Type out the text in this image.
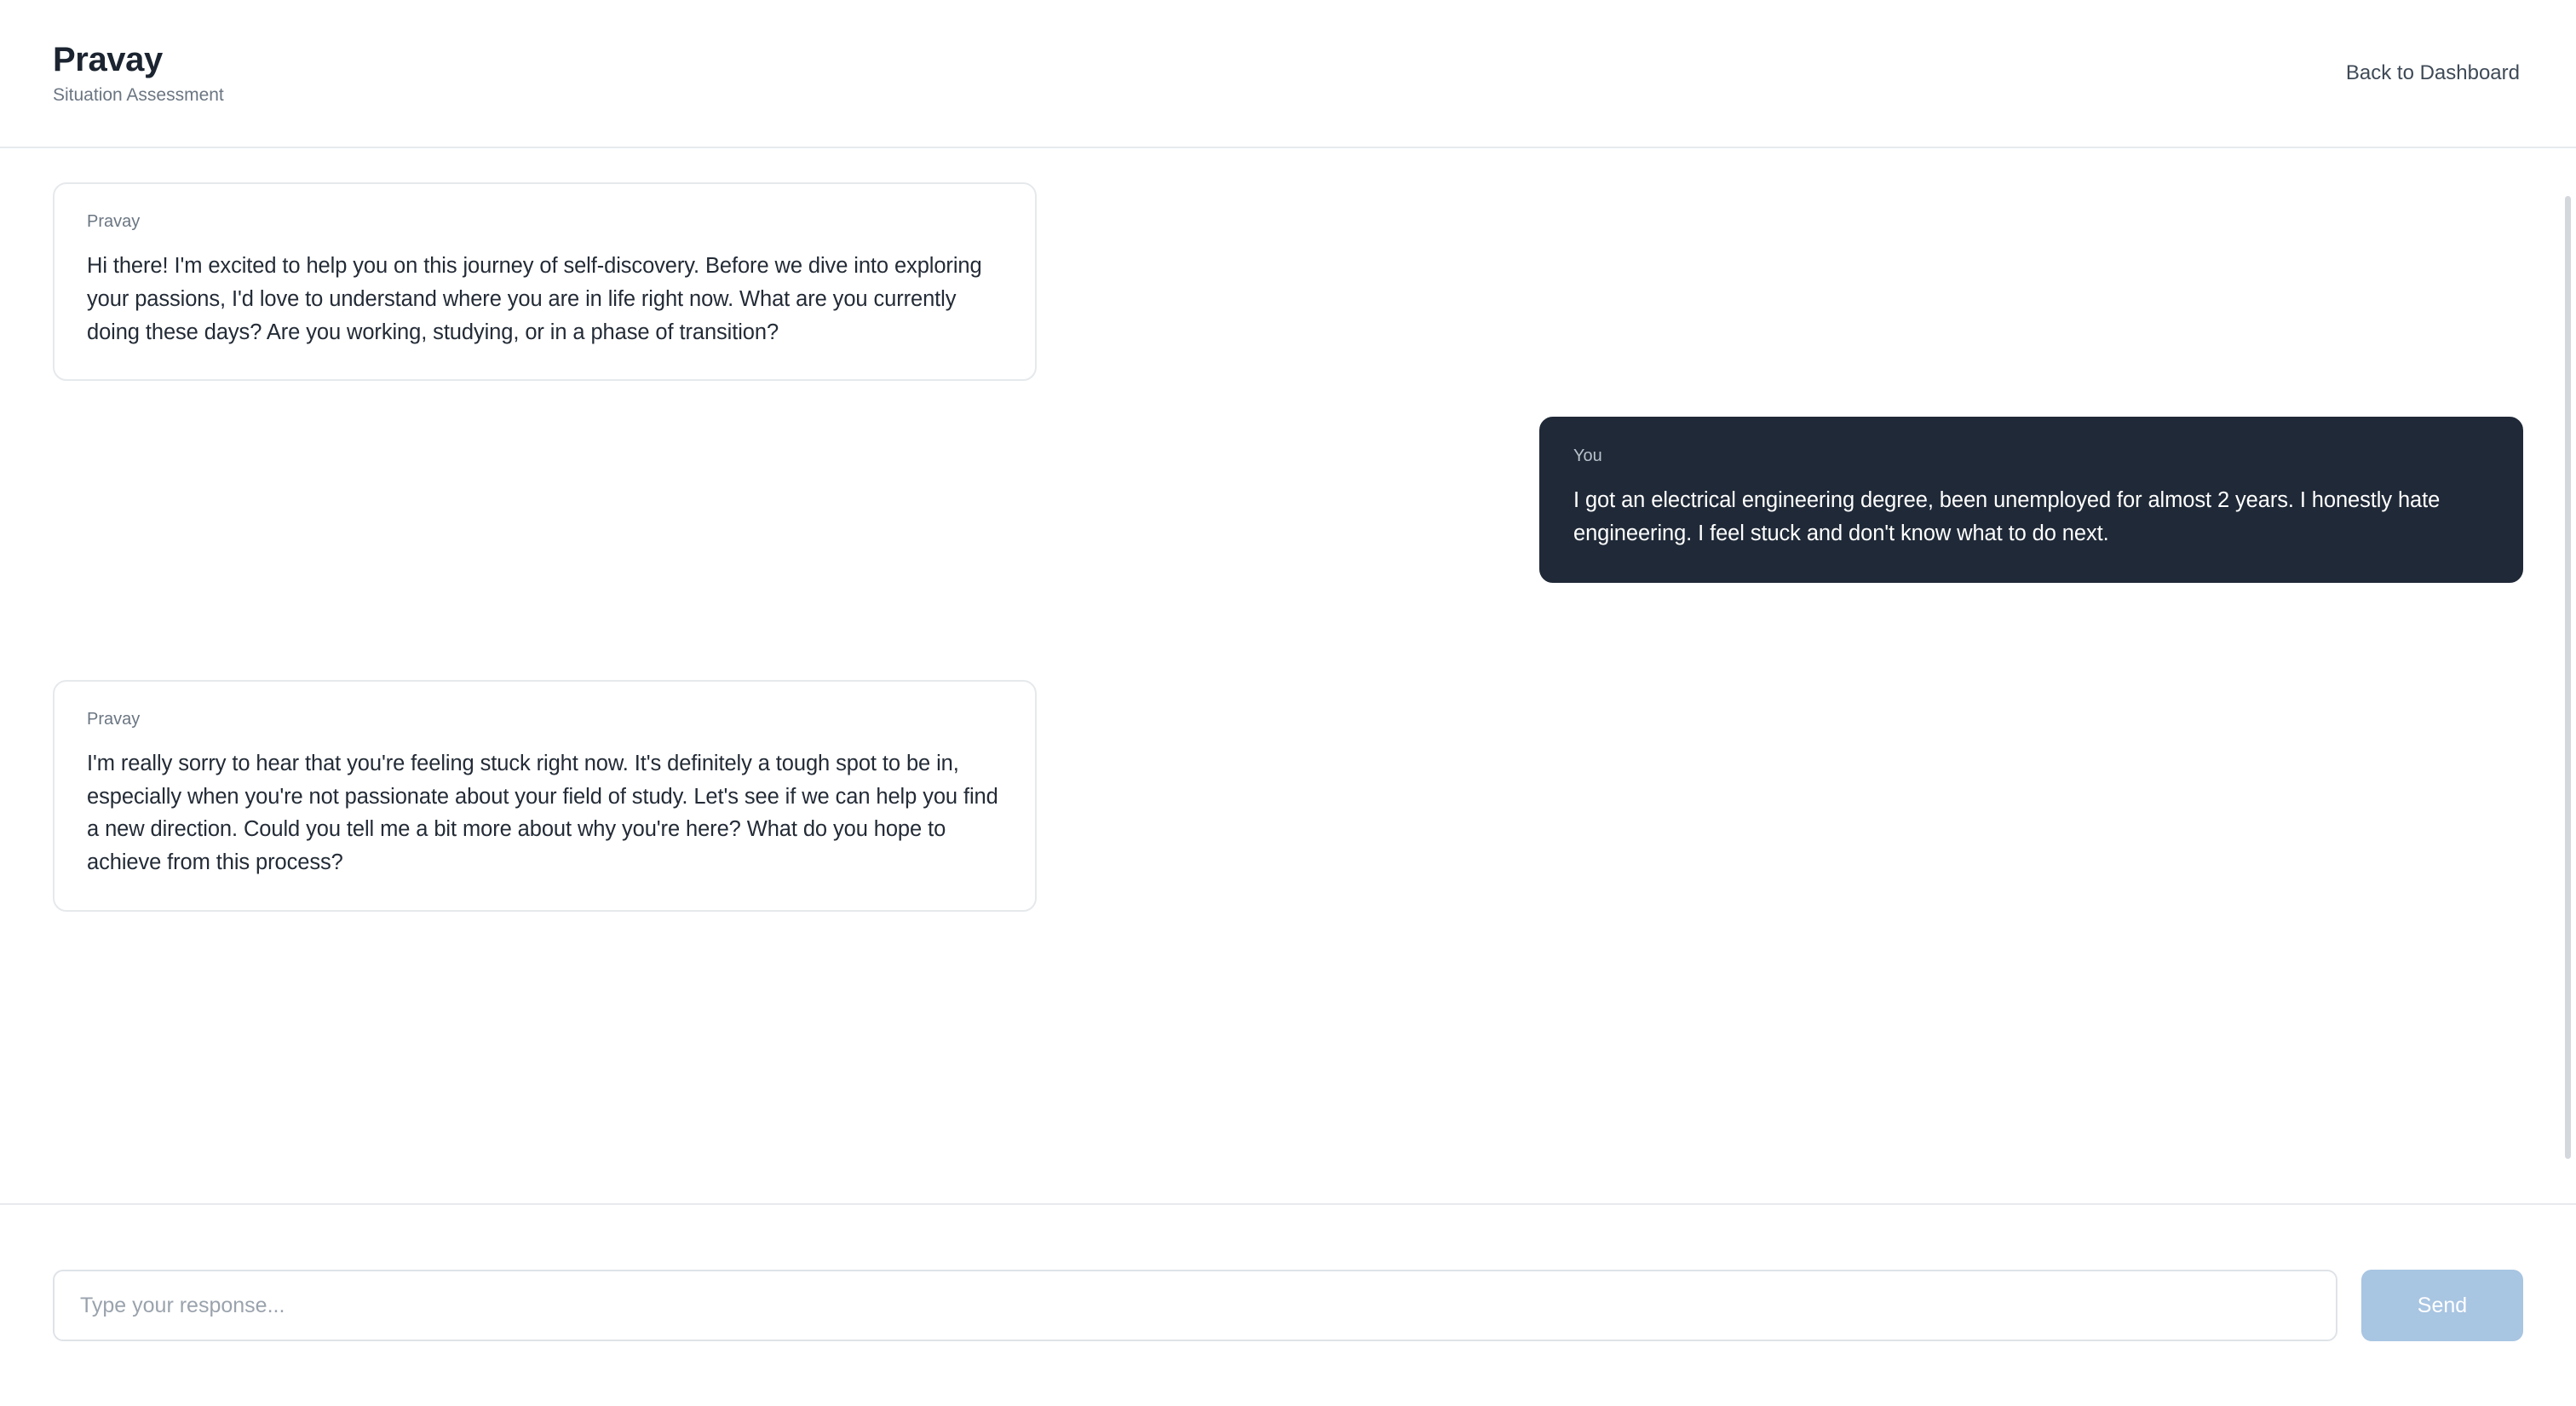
Pravay
Situation Assessment
Back to Dashboard
Pravay
Hi there! I'm excited to help you on this journey of self-discovery. Before we dive into exploring your passions, I'd love to understand where you are in life right now. What are you currently doing these days? Are you working, studying, or in a phase of transition?
You
I got an electrical engineering degree, been unemployed for almost 2 years. I honestly hate engineering. I feel stuck and don't know what to do next.
Pravay
I'm really sorry to hear that you're feeling stuck right now. It's definitely a tough spot to be in, especially when you're not passionate about your field of study. Let's see if we can help you find a new direction. Could you tell me a bit more about why you're here? What do you hope to achieve from this process?
Type your response...
Send
